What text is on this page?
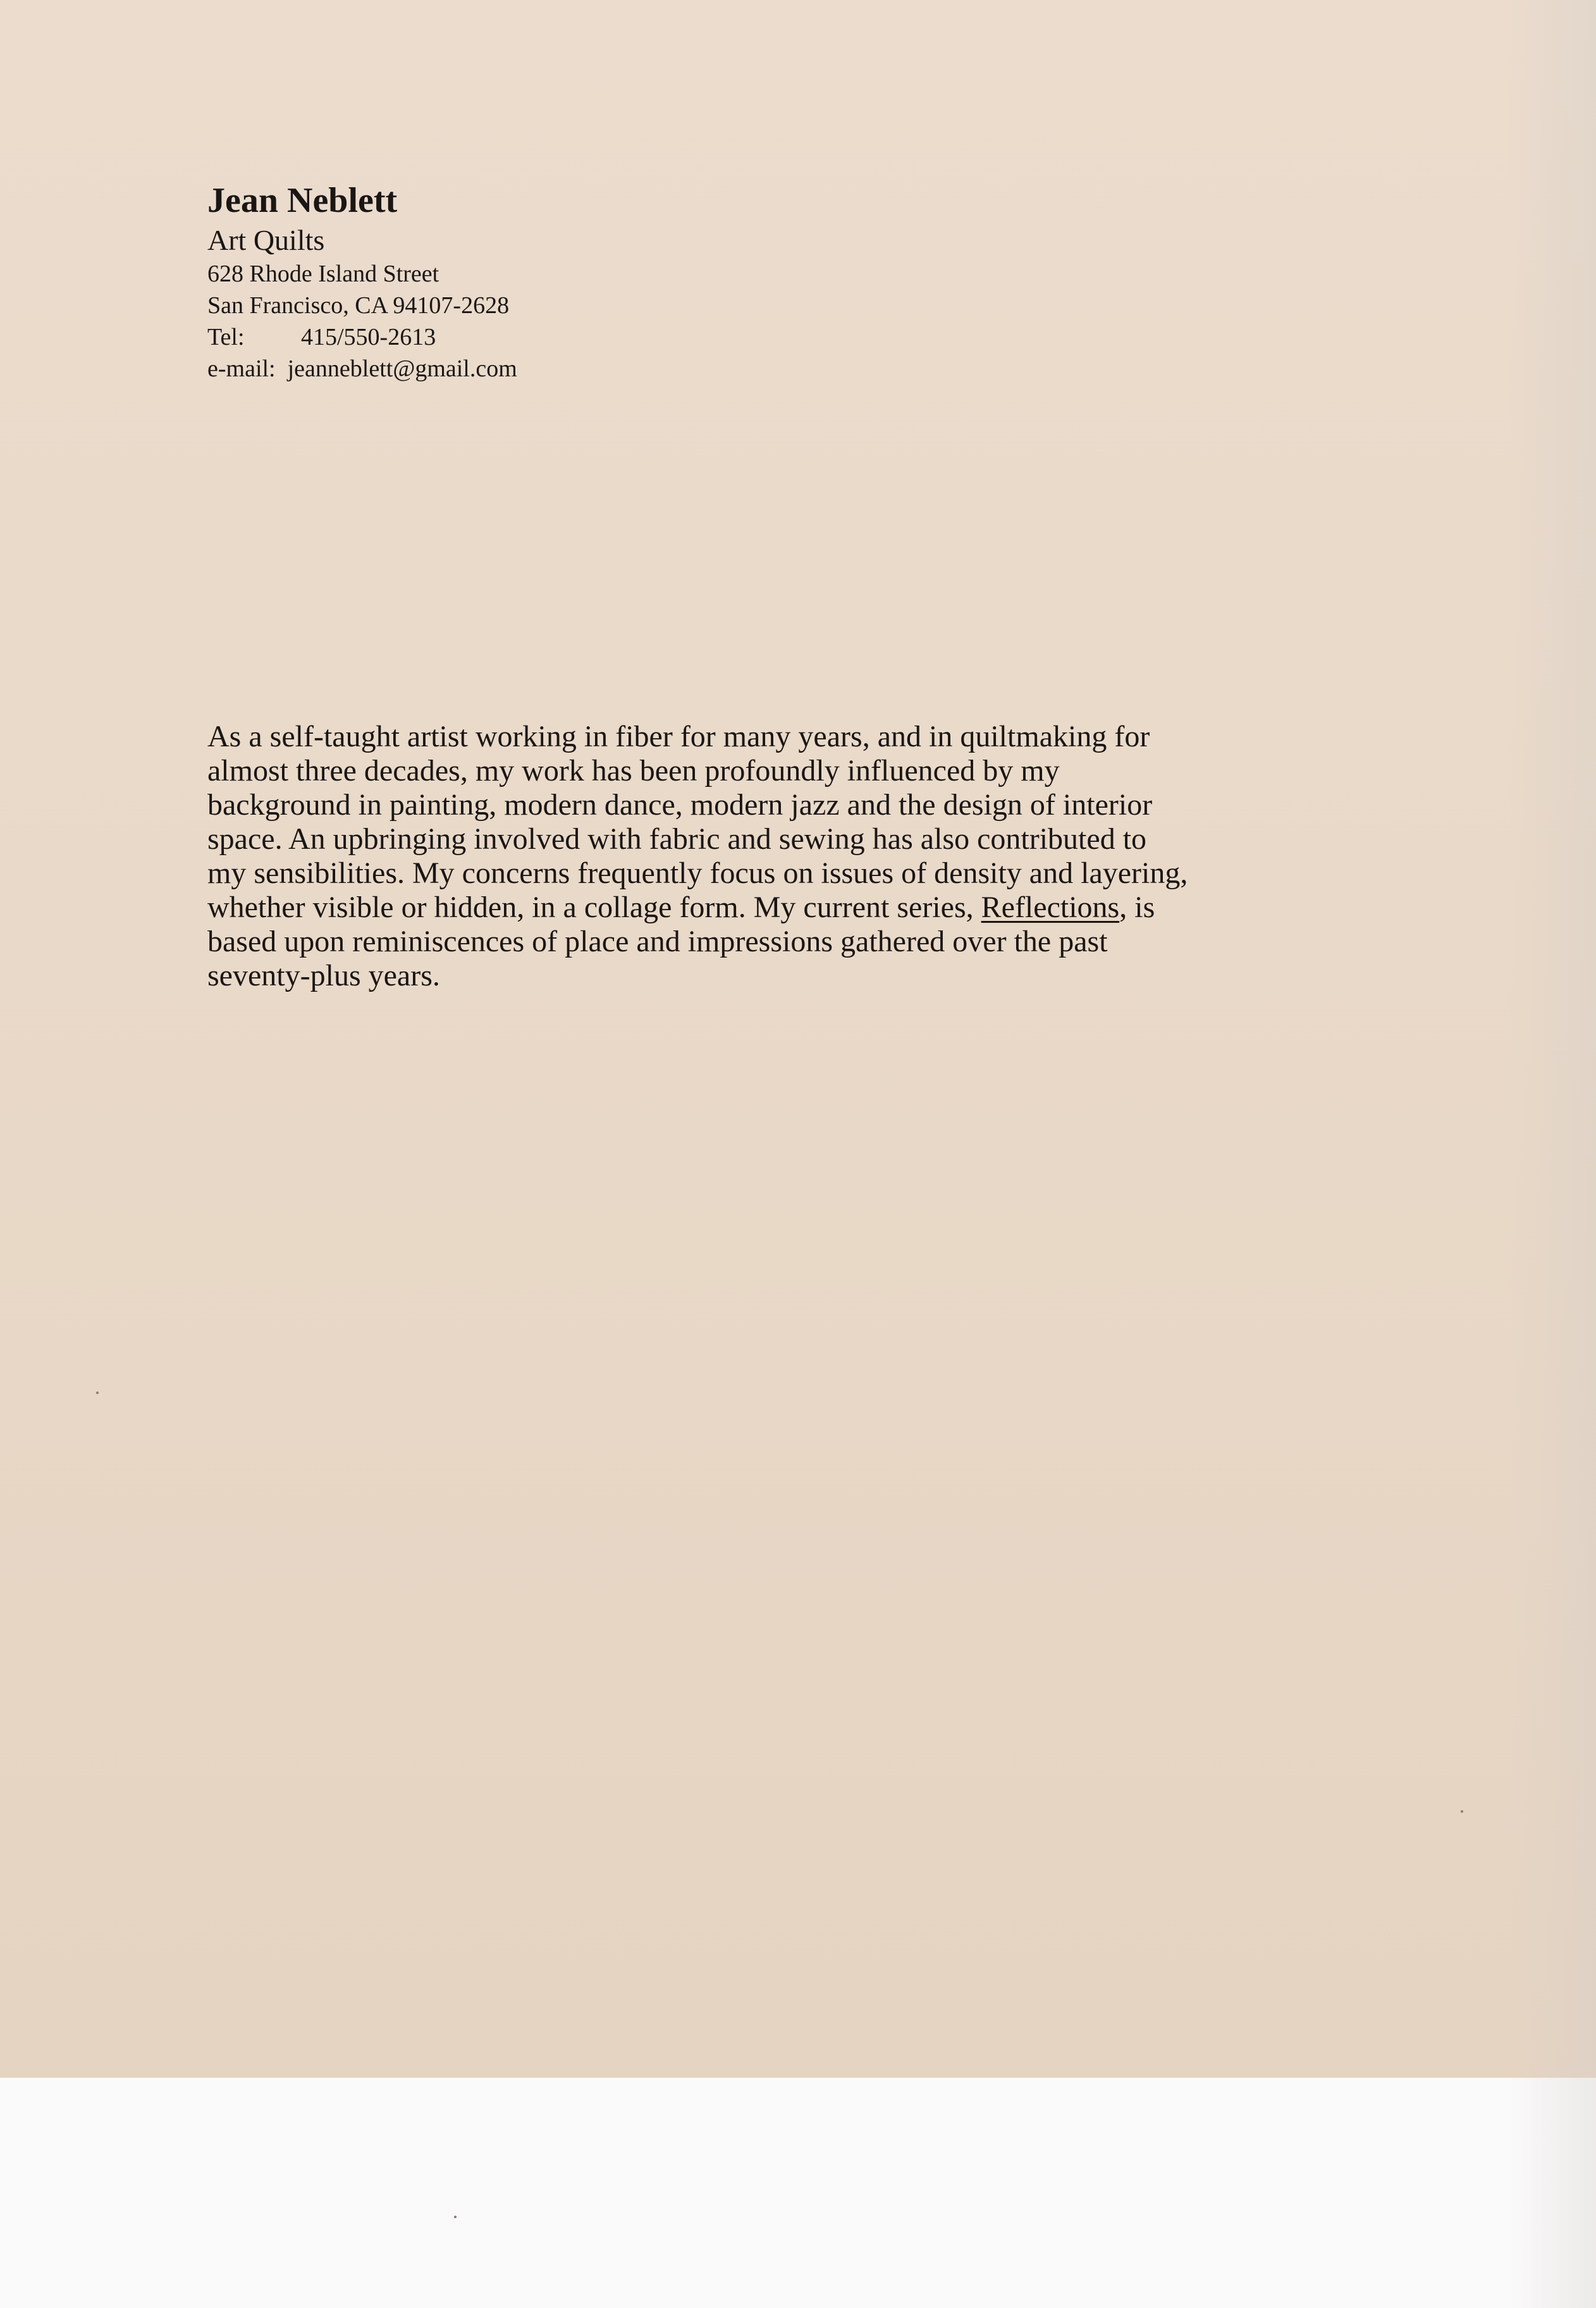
Jean Neblett

Art Quilts

628 Rhode Island Street

San Francisco, CA 94107-2628

Tel: 415/550-2613

e-mail: jeanneblett@gmail.com

As a self-taught artist working in fiber for many years, and in quiltmaking for
almost three decades, my work has been profoundly influenced by my
background in painting, modern dance, modern jazz and the design of interior
space. An upbringing involved with fabric and sewing has also contributed to
my sensibilities. My concerns frequently focus on issues of density and layering,
whether visible or hidden, in a collage form. My current series, Reflections, is
based upon reminiscences of place and impressions gathered over the past
seventy-plus years.
